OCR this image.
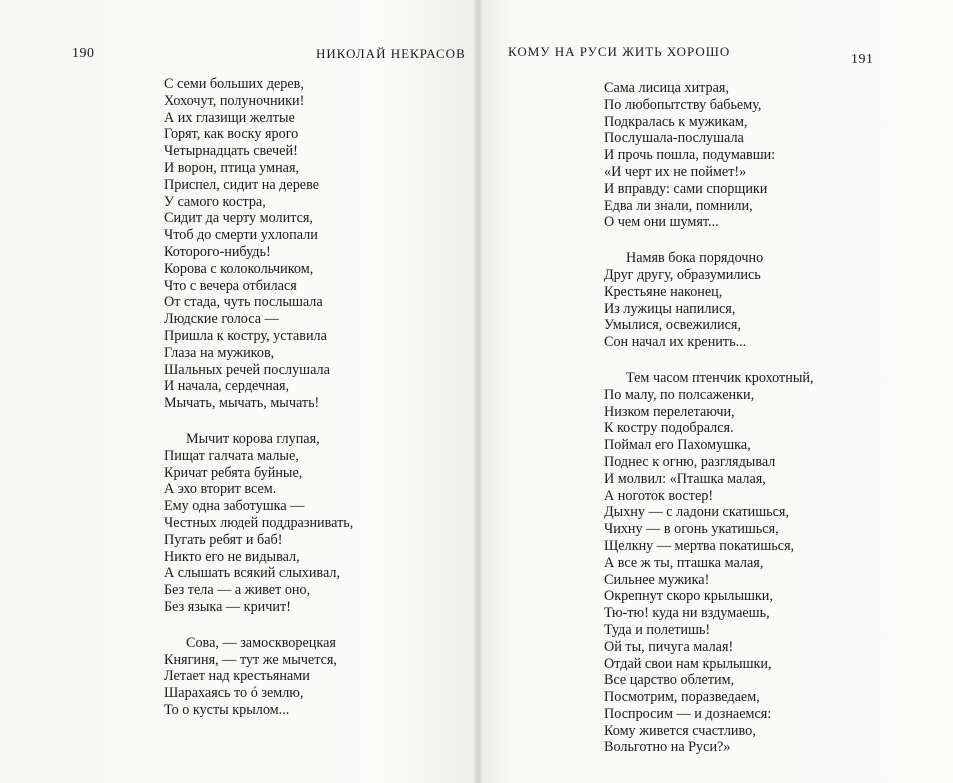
190	НИКОЛАЙ НЕКРАСОВ
С семи больших дерев,
Хохочут, полуночники!
А их глазищи желтые
Горят, как воску ярого
Четырнадцать свечей!
И ворон, птица умная,
Приспел, сидит на дереве
У самого костра,
Сидит да черту молится,
Чтоб до смерти ухлопали
Которого-нибудь!
Корова с колокольчиком,
Что с вечера отбилася
От стада, чуть послышала
Людские голоса —
Пришла к костру, уставила
Глаза на мужиков,
Шальных речей послушала
И начала, сердечная,
Мычать, мычать, мычать!
Мычит корова глупая,
Пищат галчата малые,
Кричат ребята буйные,
А эхо вторит всем.
Ему одна заботушка —
Честных людей поддразнивать,
Пугать ребят и баб!
Никто его не видывал,
А слышать всякий слыхивал,
Без тела — а живет оно,
Без языка — кричит!
Сова, — замоскворецкая
Княгиня, — тут же мычется,
Летает над крестьянами
Шарахаясь то ó землю,
То о кусты крылом...
КОМУ НА РУСИ ЖИТЬ ХОРОШО
191
Сама лисица хитрая,
По любопытству бабьему,
Подкралась к мужикам,
Послушала-послушала
И прочь пошла, подумавши:
«И черт их не поймет!»
И вправду: сами спорщики
Едва ли знали, помнили,
О чем они шумят...
Намяв бока порядочно
Друг другу, образумились
Крестьяне наконец,
Из лужицы напилися,
Умылися, освежилися,
Сон начал их кренить...
Тем часом птенчик крохотный,
По малу, по полсаженки,
Низком перелетаючи,
К костру подобрался.
Поймал его Пахомушка,
Поднес к огню, разглядывал
И молвил: «Пташка малая,
А ноготок востер!
Дыхну — с ладони скатишься,
Чихну — в огонь укатишься,
Щелкну — мертва покатишься,
А все ж ты, пташка малая,
Сильнее мужика!
Окрепнут скоро крылышки,
Тю-тю! куда ни вздумаешь,
Туда и полетишь!
Ой ты, пичуга малая!
Отдай свои нам крылышки,
Все царство облетим,
Посмотрим, поразведаем,
Поспросим — и дознаемся:
Кому живется счастливо,
Вольготно на Руси?»
